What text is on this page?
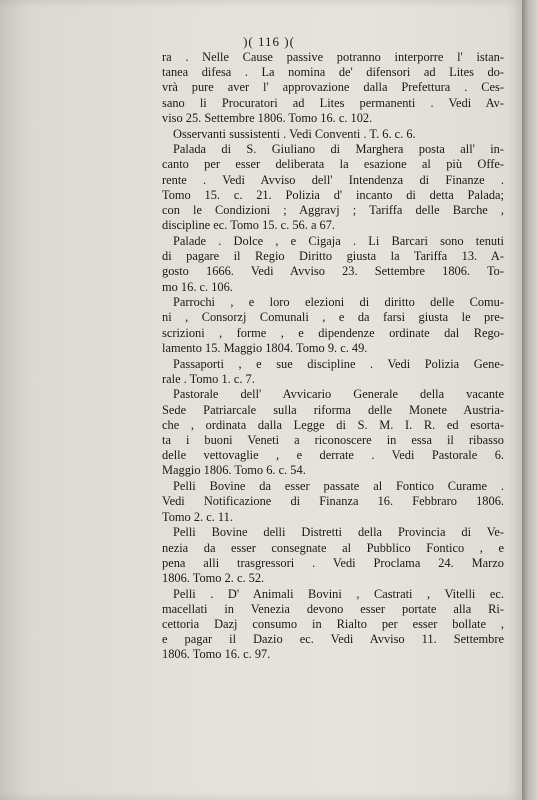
)( 116 )(
ra . Nelle Cause passive potranno interporre l' istan-
tanea difesa . La nomina de' difensori ad Lites do-
vrà pure aver l' approvazione dalla Prefettura . Ces-
sano li Procuratori ad Lites permanenti . Vedi Av-
viso 25. Settembre 1806. Tomo 16. c. 102.
Osservanti sussistenti . Vedi Conventi . T. 6. c. 6.
Palada di S. Giuliano di Marghera posta all' in-
canto per esser deliberata la esazione al più Offe-
rente . Vedi Avviso dell' Intendenza di Finanze .
Tomo 15. c. 21. Polizia d' incanto di detta Palada;
con le Condizioni ; Aggravj ; Tariffa delle Barche ,
discipline ec. Tomo 15. c. 56. a 67.
Palade . Dolce , e Cigaja . Li Barcari sono tenuti
di pagare il Regio Diritto giusta la Tariffa 13. A-
gosto 1666. Vedi Avviso 23. Settembre 1806. To-
mo 16. c. 106.
Parrochi , e loro elezioni di diritto delle Comu-
ni , Consorzj Comunali , e da farsi giusta le pre-
scrizioni , forme , e dipendenze ordinate dal Rego-
lamento 15. Maggio 1804. Tomo 9. c. 49.
Passaporti , e sue discipline . Vedi Polizia Gene-
rale . Tomo 1. c. 7.
Pastorale dell' Avvicario Generale della vacante
Sede Patriarcale sulla riforma delle Monete Austria-
che , ordinata dalla Legge di S. M. I. R. ed esorta-
ta i buoni Veneti a riconoscere in essa il ribasso
delle vettovaglie , e derrate . Vedi Pastorale 6.
Maggio 1806. Tomo 6. c. 54.
Pelli Bovine da esser passate al Fontico Curame .
Vedi Notificazione di Finanza 16. Febbraro 1806.
Tomo 2. c. 11.
Pelli Bovine delli Distretti della Provincia di Ve-
nezia da esser consegnate al Pubblico Fontico , e
pena alli trasgressori . Vedi Proclama 24. Marzo
1806. Tomo 2. c. 52.
Pelli . D' Animali Bovini , Castrati , Vitelli ec.
macellati in Venezia devono esser portate alla Ri-
cettoria Dazj consumo in Rialto per esser bollate ,
e pagar il Dazio ec. Vedi Avviso 11. Settembre
1806. Tomo 16. c. 97.
